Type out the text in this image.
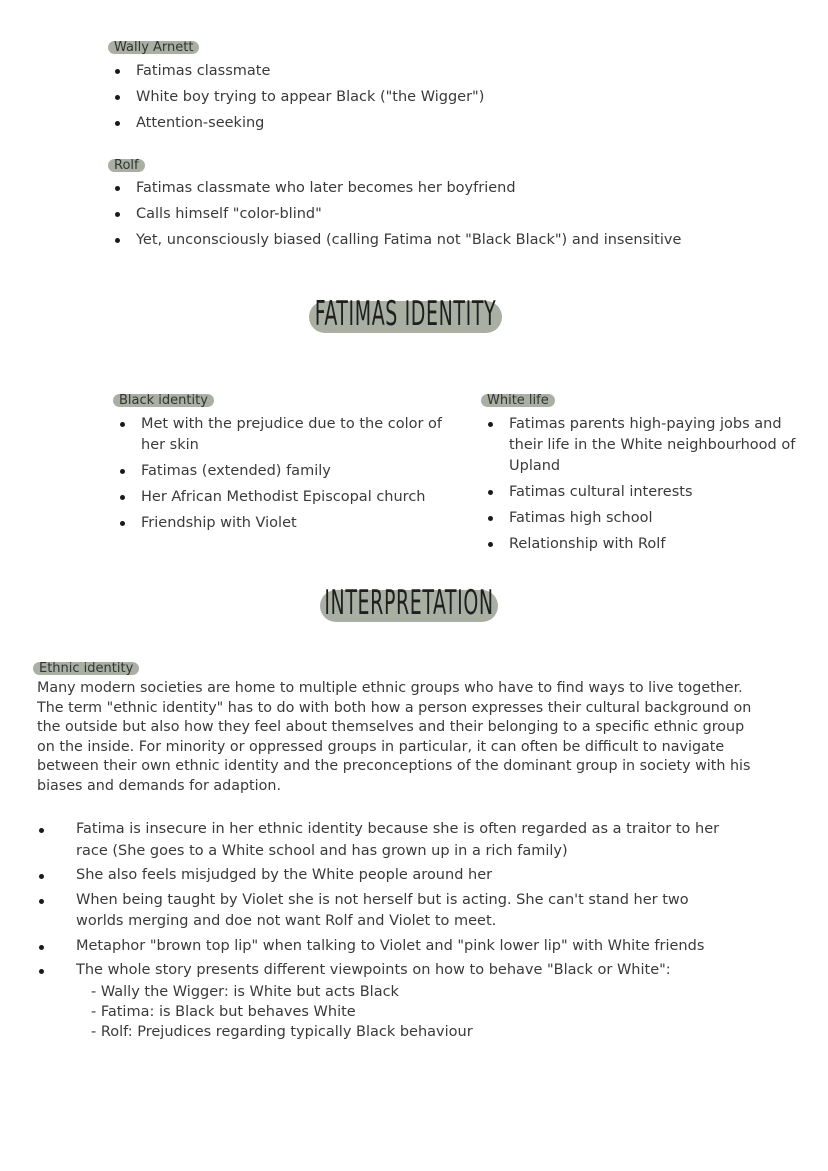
Wally Arnett
Fatimas classmate
White boy trying to appear Black ("the Wigger")
Attention-seeking
Rolf
Fatimas classmate who later becomes her boyfriend
Calls himself "color-blind"
Yet, unconsciously biased (calling Fatima not "Black Black") and insensitive
FATIMAS IDENTITY
Black identity
Met with the prejudice due to the color of her skin
Fatimas (extended) family
Her African Methodist Episcopal church
Friendship with Violet
White life
Fatimas parents high-paying jobs and their life in the White neighbourhood of Upland
Fatimas cultural interests
Fatimas high school
Relationship with Rolf
INTERPRETATION
Ethnic identity
Many modern societies are home to multiple ethnic groups who have to find ways to live together. The term "ethnic identity" has to do with both how a person expresses their cultural background on the outside but also how they feel about themselves and their belonging to a specific ethnic group on the inside. For minority or oppressed groups in particular, it can often be difficult to navigate between their own ethnic identity and the preconceptions of the dominant group in society with his biases and demands for adaption.
Fatima is insecure in her ethnic identity because she is often regarded as a traitor to her race (She goes to a White school and has grown up in a rich family)
She also feels misjudged by the White people around her
When being taught by Violet she is not herself but is acting. She can't stand her two worlds merging and doe not want Rolf and Violet to meet.
Metaphor "brown top lip" when talking to Violet and "pink lower lip" with White friends
The whole story presents different viewpoints on how to behave "Black or White":
- Wally the Wigger: is White but acts Black
- Fatima: is Black but behaves White
- Rolf: Prejudices regarding typically Black behaviour
